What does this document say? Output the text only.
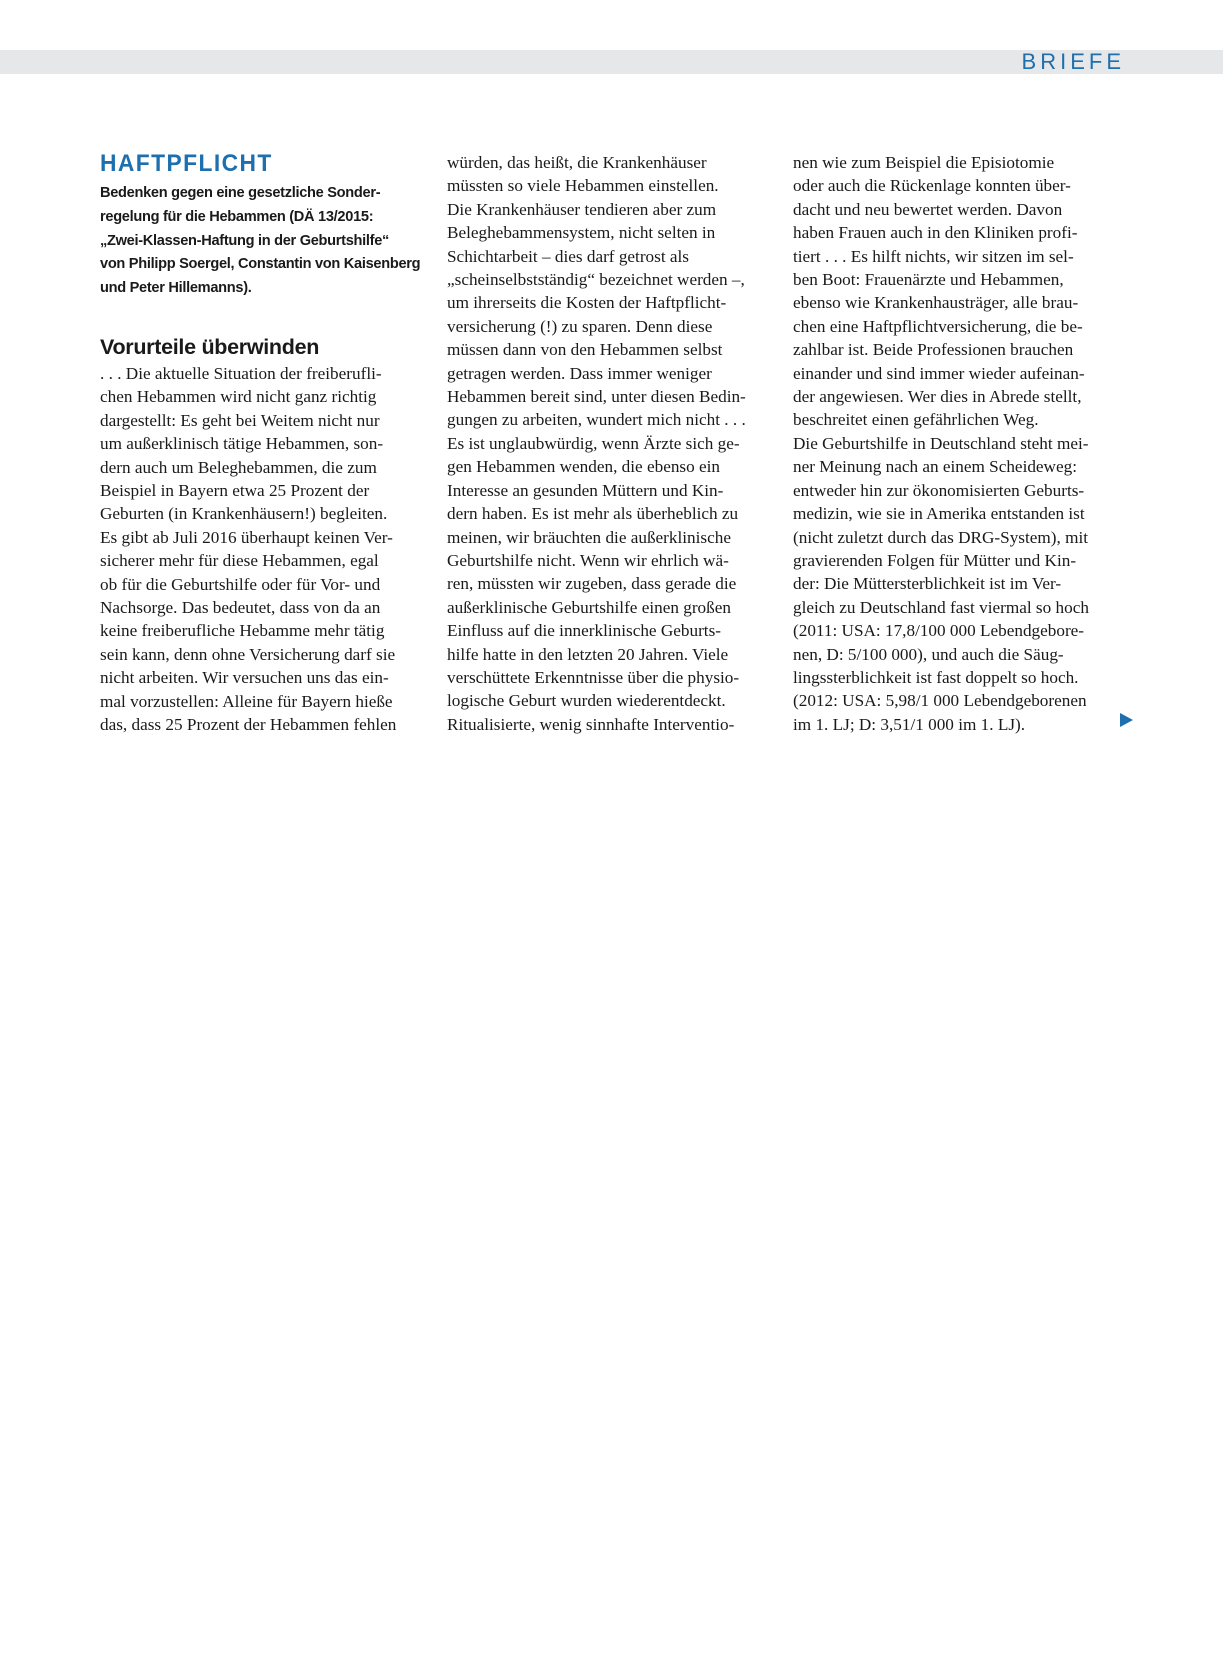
BRIEFE
HAFTPFLICHT
Bedenken gegen eine gesetzliche Sonder-
regelung für die Hebammen (DÄ 13/2015:
„Zwei-Klassen-Haftung in der Geburtshilfe“
von Philipp Soergel, Constantin von Kaisenberg
und Peter Hillemanns).
Vorurteile überwinden
. . . Die aktuelle Situation der freiberufli-
chen Hebammen wird nicht ganz richtig
dargestellt: Es geht bei Weitem nicht nur
um außerklinisch tätige Hebammen, son-
dern auch um Beleghebammen, die zum
Beispiel in Bayern etwa 25 Prozent der
Geburten (in Krankenhäusern!) begleiten.
Es gibt ab Juli 2016 überhaupt keinen Ver-
sicherer mehr für diese Hebammen, egal
ob für die Geburtshilfe oder für Vor- und
Nachsorge. Das bedeutet, dass von da an
keine freiberufliche Hebamme mehr tätig
sein kann, denn ohne Versicherung darf sie
nicht arbeiten. Wir versuchen uns das ein-
mal vorzustellen: Alleine für Bayern hieße
das, dass 25 Prozent der Hebammen fehlen
würden, das heißt, die Krankenhäuser
müssten so viele Hebammen einstellen.
Die Krankenhäuser tendieren aber zum
Beleghebammensystem, nicht selten in
Schichtarbeit – dies darf getrost als
„scheinselbstständig“ bezeichnet werden –,
um ihrerseits die Kosten der Haftpflicht-
versicherung (!) zu sparen. Denn diese
müssen dann von den Hebammen selbst
getragen werden. Dass immer weniger
Hebammen bereit sind, unter diesen Bedin-
gungen zu arbeiten, wundert mich nicht . . .
Es ist unglaubwürdig, wenn Ärzte sich ge-
gen Hebammen wenden, die ebenso ein
Interesse an gesunden Müttern und Kin-
dern haben. Es ist mehr als überheblich zu
meinen, wir bräuchten die außerklinische
Geburtshilfe nicht. Wenn wir ehrlich wä-
ren, müssten wir zugeben, dass gerade die
außerklinische Geburtshilfe einen großen
Einfluss auf die innerklinische Geburts-
hilfe hatte in den letzten 20 Jahren. Viele
verschüttete Erkenntnisse über die physio-
logische Geburt wurden wiederentdeckt.
Ritualisierte, wenig sinnhafte Interventio-
nen wie zum Beispiel die Episiotomie
oder auch die Rückenlage konnten über-
dacht und neu bewertet werden. Davon
haben Frauen auch in den Kliniken profi-
tiert . . . Es hilft nichts, wir sitzen im sel-
ben Boot: Frauenärzte und Hebammen,
ebenso wie Krankenhausträger, alle brau-
chen eine Haftpflichtversicherung, die be-
zahlbar ist. Beide Professionen brauchen
einander und sind immer wieder aufeinan-
der angewiesen. Wer dies in Abrede stellt,
beschreitet einen gefährlichen Weg.
Die Geburtshilfe in Deutschland steht mei-
ner Meinung nach an einem Scheideweg:
entweder hin zur ökonomisierten Geburts-
medizin, wie sie in Amerika entstanden ist
(nicht zuletzt durch das DRG-System), mit
gravierenden Folgen für Mütter und Kin-
der: Die Müttersterblichkeit ist im Ver-
gleich zu Deutschland fast viermal so hoch
(2011: USA: 17,8/100 000 Lebendgebore-
nen, D: 5/100 000), und auch die Säug-
lingssterblichkeit ist fast doppelt so hoch.
(2012: USA: 5,98/1 000 Lebendgeborenen
im 1. LJ; D: 3,51/1 000 im 1. LJ).
